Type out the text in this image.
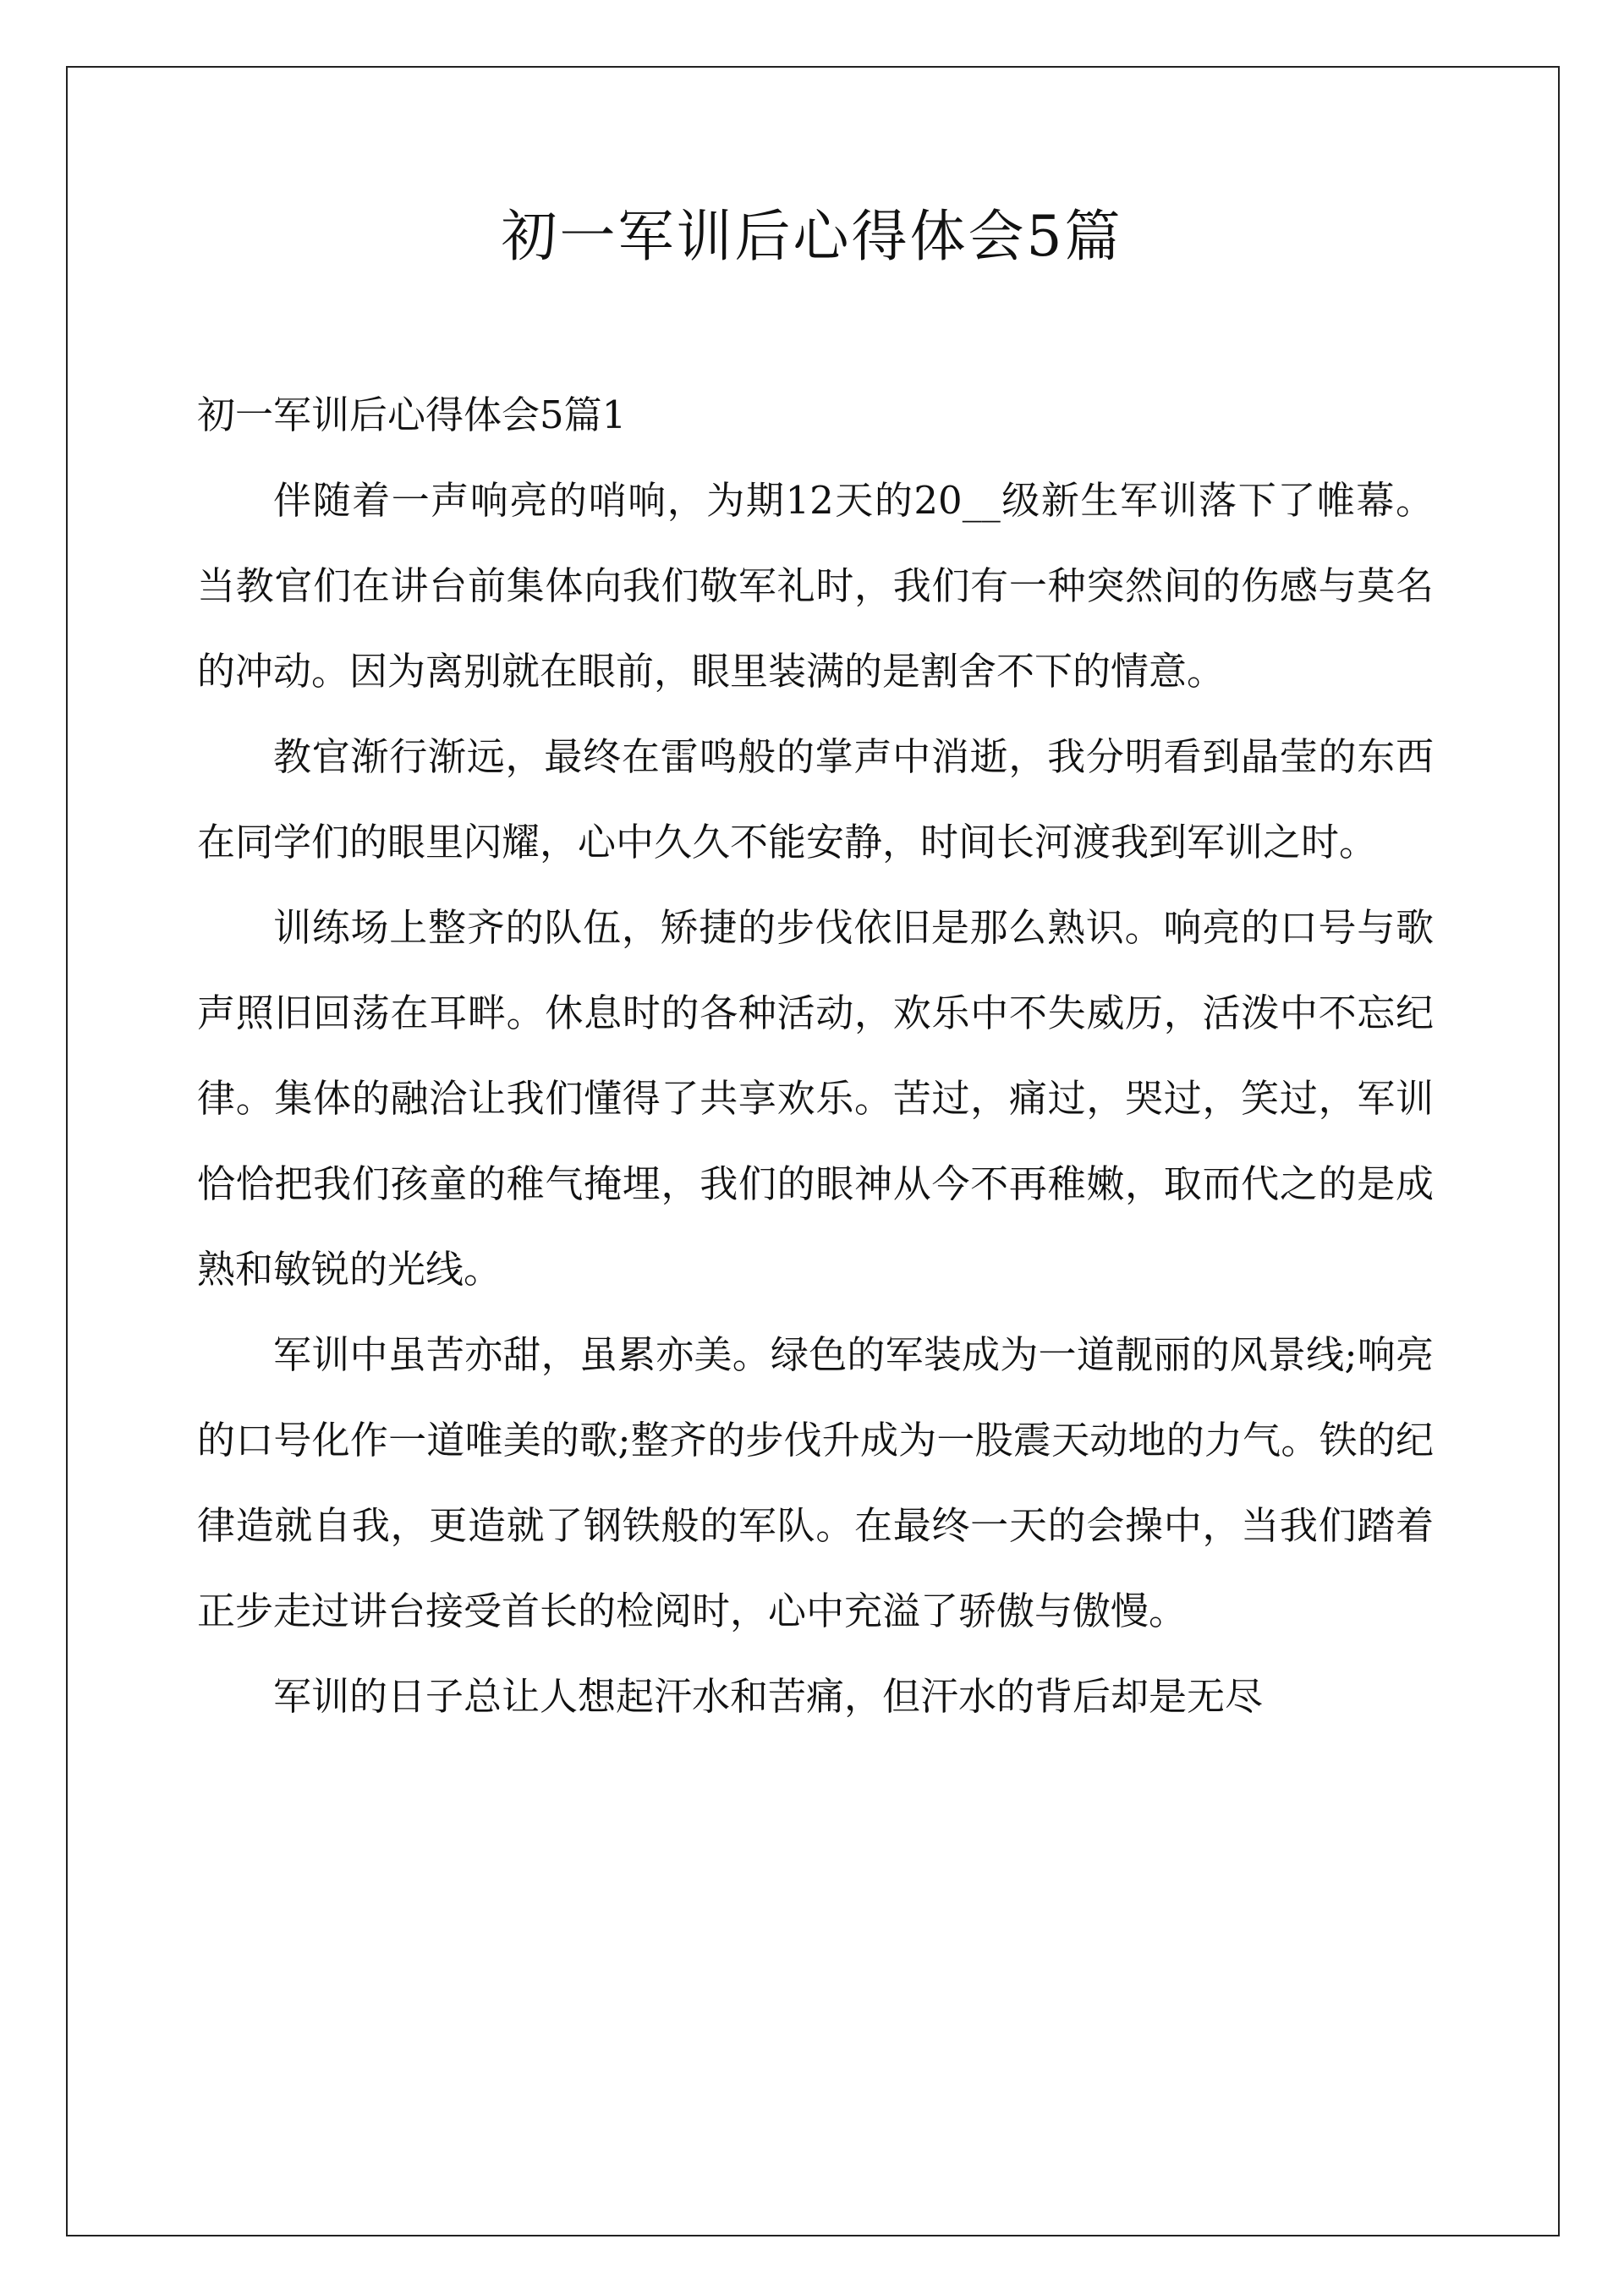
初一军训后心得体会5篇
初一军训后心得体会5篇1

伴随着一声响亮的哨响，为期12天的20__级新生军训落下了帷幕。当教官们在讲台前集体向我们敬军礼时，我们有一种突然间的伤感与莫名的冲动。因为离别就在眼前，眼里装满的是割舍不下的情意。

教官渐行渐远，最终在雷鸣般的掌声中消逝，我分明看到晶莹的东西在同学们的眼里闪耀，心中久久不能安静，时间长河渡我到军训之时。

训练场上整齐的队伍，矫捷的步伐依旧是那么熟识。响亮的口号与歌声照旧回荡在耳畔。休息时的各种活动，欢乐中不失威历，活泼中不忘纪律。集体的融洽让我们懂得了共享欢乐。苦过，痛过，哭过，笑过，军训恰恰把我们孩童的稚气掩埋，我们的眼神从今不再稚嫩，取而代之的是成熟和敏锐的光线。

军训中虽苦亦甜，虽累亦美。绿色的军装成为一道靓丽的风景线;响亮的口号化作一道唯美的歌;整齐的步伐升成为一股震天动地的力气。铁的纪律造就自我，更造就了钢铁般的军队。在最终一天的会操中，当我们踏着正步走过讲台接受首长的检阅时，心中充溢了骄傲与傲慢。

军训的日子总让人想起汗水和苦痛，但汗水的背后却是无尽
